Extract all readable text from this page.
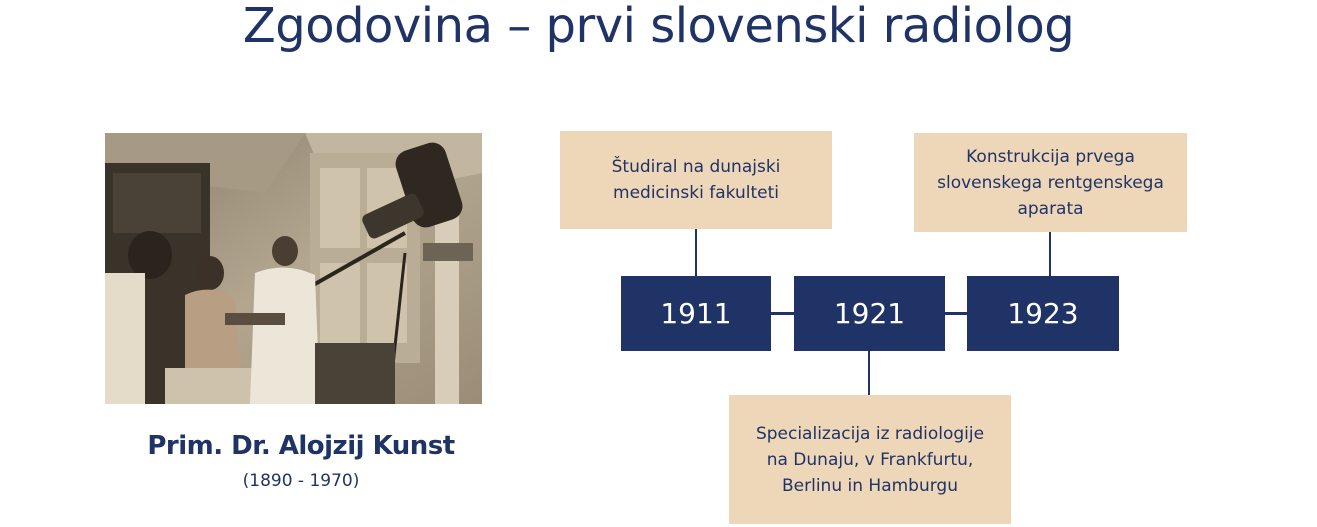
Zgodovina – prvi slovenski radiolog
Prim. Dr. Alojzij Kunst
(1890 - 1970)
1911	1921	1923
Študiral na dunajski
medicinski fakulteti
Specializacija iz radiologije
na Dunaju, v Frankfurtu,
Berlinu in Hamburgu
Konstrukcija prvega
slovenskega rentgenskega
aparata
